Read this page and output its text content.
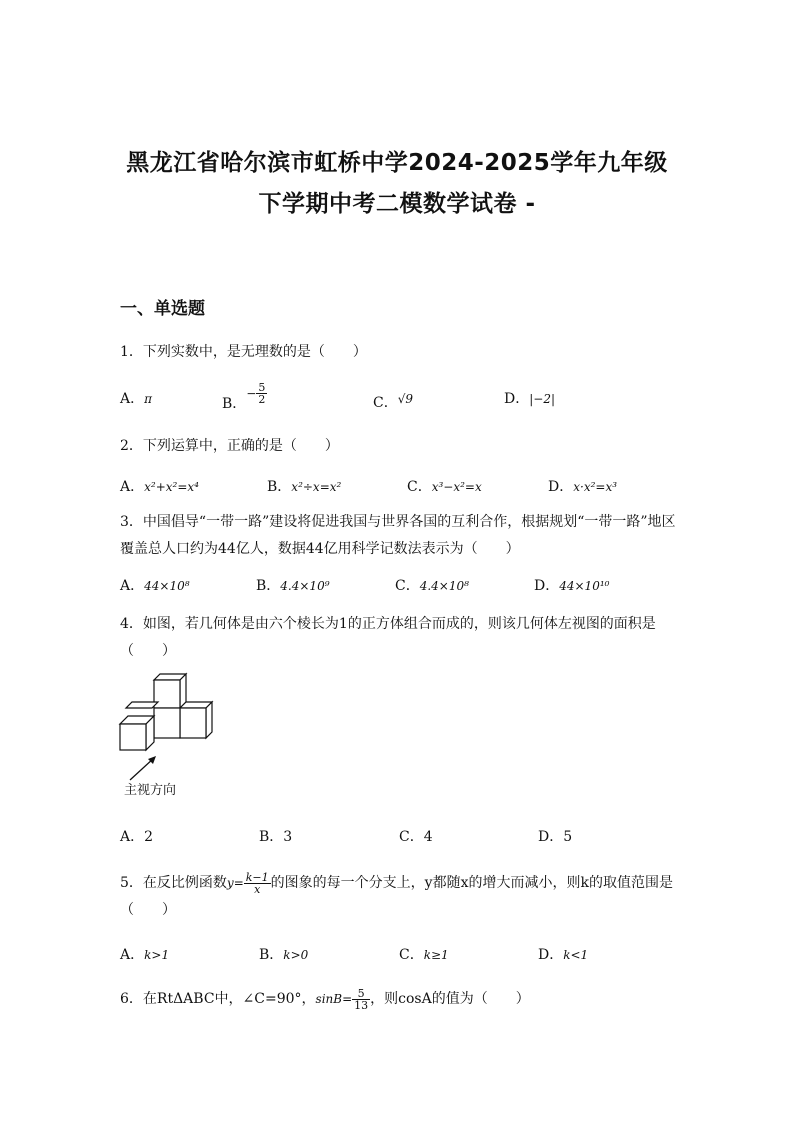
黑龙江省哈尔滨市虹桥中学2024-2025学年九年级
下学期中考二模数学试卷 -
一、单选题
1．下列实数中，是无理数的是（　　）
A．π	B．− $\frac{5}{2}$	C．√9	D．|−2|
2．下列运算中，正确的是（　　）
A．x²+x²=x⁴	B．x²÷x=x²	C．x³−x²=x	D．x·x²=x³
3．中国倡导“一带一路”建设将促进我国与世界各国的互利合作，根据规划“一带一路”地区覆盖总人口约为44亿人，数据44亿用科学记数法表示为（　　）
A．44×10⁸	B．4.4×10⁹	C．4.4×10⁸	D．44×10¹⁰
4．如图，若几何体是由六个棱长为1的正方体组合而成的，则该几何体左视图的面积是（　　）
主视方向
A．2	B．3	C．4	D．5
5．在反比例函数$y= \frac{k-1}{x}$ 的图象的每一个分支上，y都随x的增大而减小，则k的取值范围是（　　）
A．k>1	B．k>0	C．k≥1	D．k<1
6．在RtΔABC中，∠C=90°，$\sin B= \frac{5}{13}$ ，则cosA的值为（　　）
